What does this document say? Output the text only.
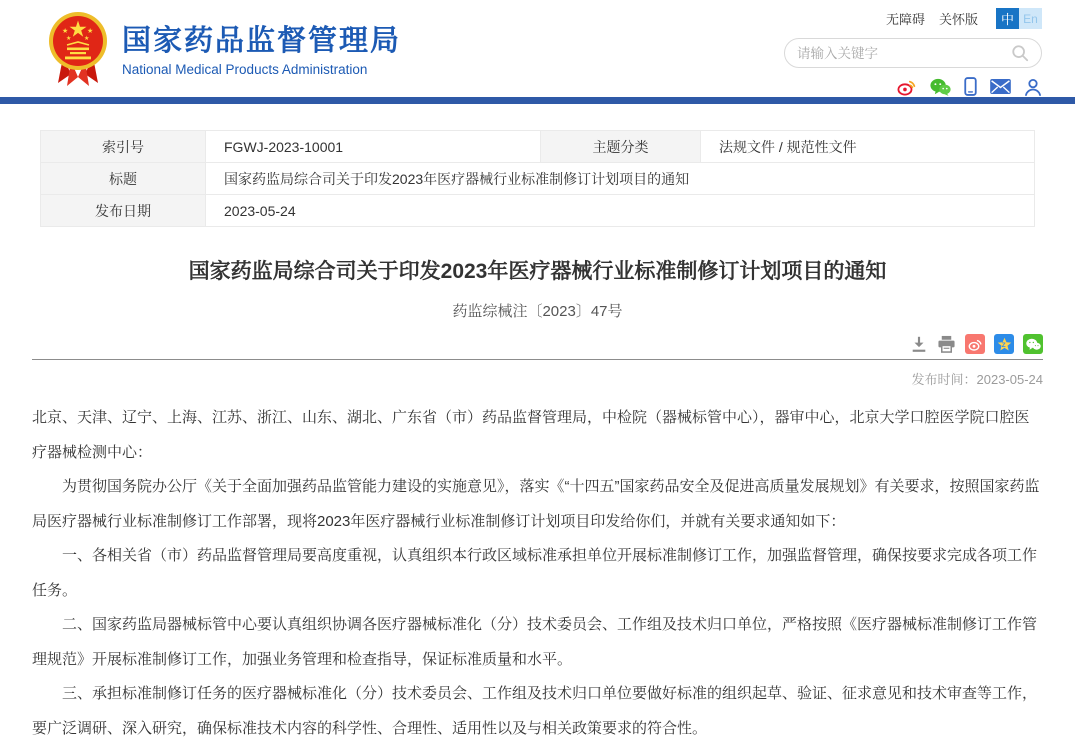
★	★
★ ★ 国家药品监督管理局
National Medical Products Administration
无障碍 关怀版	中 En
请输入关键字
索引号	FGWJ-2023-10001	主题分类	法规文件 / 规范性文件
标题	国家药监局综合司关于印发2023年医疗器械行业标准制修订计划项目的通知		
发布日期	2023-05-24		
国家药监局综合司关于印发2023年医疗器械行业标准制修订计划项目的通知
药监综械注〔2023〕47号
Z
发布时间：2023-05-24

北京、天津、辽宁、上海、江苏、浙江、山东、湖北、广东省（市）药品监督管理局，中检院（器械标管中心），器审中心，北京大学口腔医学院口腔医疗器械检测中心：

为贯彻国务院办公厅《关于全面加强药品监管能力建设的实施意见》，落实《“十四五”国家药品安全及促进高质量发展规划》有关要求，按照国家药监局医疗器械行业标准制修订工作部署，现将2023年医疗器械行业标准制修订计划项目印发给你们，并就有关要求通知如下：

一、各相关省（市）药品监督管理局要高度重视，认真组织本行政区域标准承担单位开展标准制修订工作，加强监督管理，确保按要求完成各项工作任务。

二、国家药监局器械标管中心要认真组织协调各医疗器械标准化（分）技术委员会、工作组及技术归口单位，严格按照《医疗器械标准制修订工作管理规范》开展标准制修订工作，加强业务管理和检查指导，保证标准质量和水平。

三、承担标准制修订任务的医疗器械标准化（分）技术委员会、工作组及技术归口单位要做好标准的组织起草、验证、征求意见和技术审查等工作，要广泛调研、深入研究，确保标准技术内容的科学性、合理性、适用性以及与相关政策要求的符合性。
